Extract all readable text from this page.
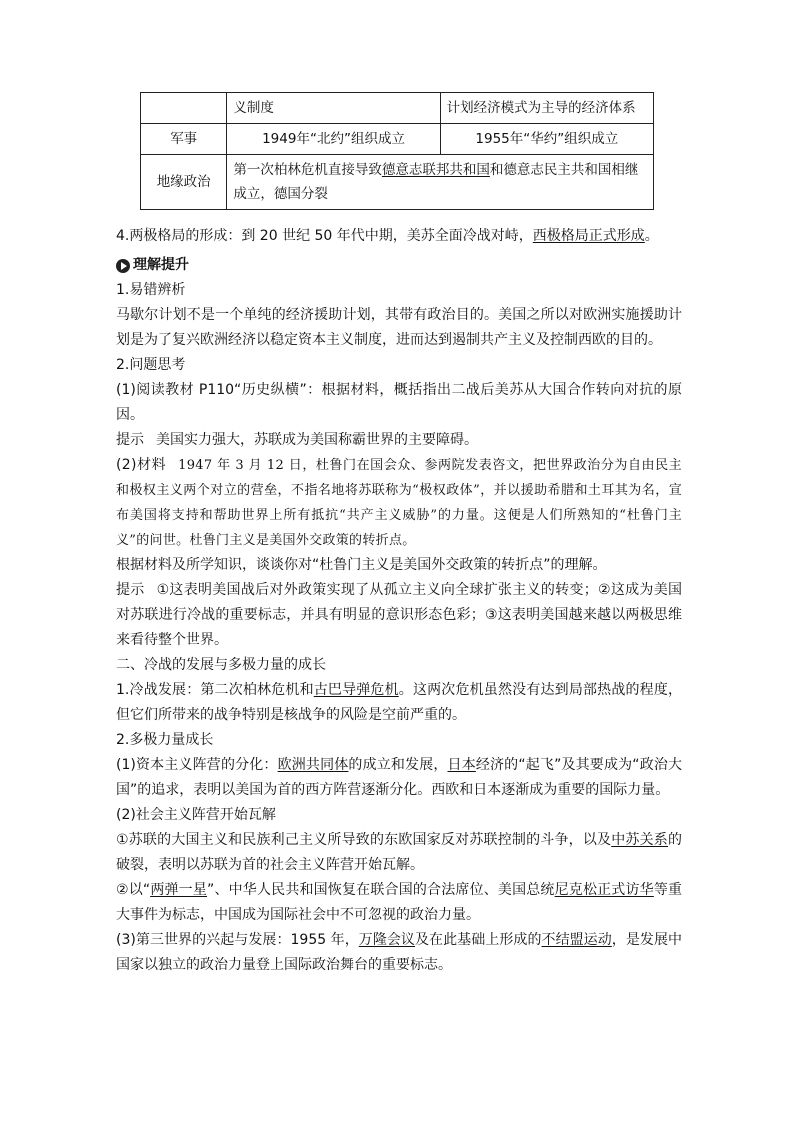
	义制度	计划经济模式为主导的经济体系
军事	1949年“北约”组织成立	1955年“华约”组织成立
地缘政治	第一次柏林危机直接导致德意志联邦共和国和德意志民主共和国相继成立，德国分裂	

4.两极格局的形成：到 20 世纪 50 年代中期，美苏全面冷战对峙，西极格局正式形成。

理解提升

1.易错辨析

马歇尔计划不是一个单纯的经济援助计划，其带有政治目的。美国之所以对欧洲实施援助计划是为了复兴欧洲经济以稳定资本主义制度，进而达到遏制共产主义及控制西欧的目的。

2.问题思考

(1)阅读教材 P110“历史纵横”：根据材料，概括指出二战后美苏从大国合作转向对抗的原因。

提示 美国实力强大，苏联成为美国称霸世界的主要障碍。

(2)材料 1947 年 3 月 12 日，杜鲁门在国会众、参两院发表咨文，把世界政治分为自由民主和极权主义两个对立的营垒，不指名地将苏联称为“极权政体”，并以援助希腊和土耳其为名，宣布美国将支持和帮助世界上所有抵抗“共产主义威胁”的力量。这便是人们所熟知的“杜鲁门主义”的问世。杜鲁门主义是美国外交政策的转折点。

根据材料及所学知识，谈谈你对“杜鲁门主义是美国外交政策的转折点”的理解。

提示 ①这表明美国战后对外政策实现了从孤立主义向全球扩张主义的转变；②这成为美国对苏联进行冷战的重要标志，并具有明显的意识形态色彩；③这表明美国越来越以两极思维来看待整个世界。

二、冷战的发展与多极力量的成长

1.冷战发展：第二次柏林危机和古巴导弹危机。这两次危机虽然没有达到局部热战的程度，但它们所带来的战争特别是核战争的风险是空前严重的。

2.多极力量成长

(1)资本主义阵营的分化：欧洲共同体的成立和发展，日本经济的“起飞”及其要成为“政治大国”的追求，表明以美国为首的西方阵营逐渐分化。西欧和日本逐渐成为重要的国际力量。

(2)社会主义阵营开始瓦解

①苏联的大国主义和民族利己主义所导致的东欧国家反对苏联控制的斗争，以及中苏关系的破裂，表明以苏联为首的社会主义阵营开始瓦解。

②以“两弹一星”、中华人民共和国恢复在联合国的合法席位、美国总统尼克松正式访华等重大事件为标志，中国成为国际社会中不可忽视的政治力量。

(3)第三世界的兴起与发展：1955 年，万隆会议及在此基础上形成的不结盟运动，是发展中国家以独立的政治力量登上国际政治舞台的重要标志。
